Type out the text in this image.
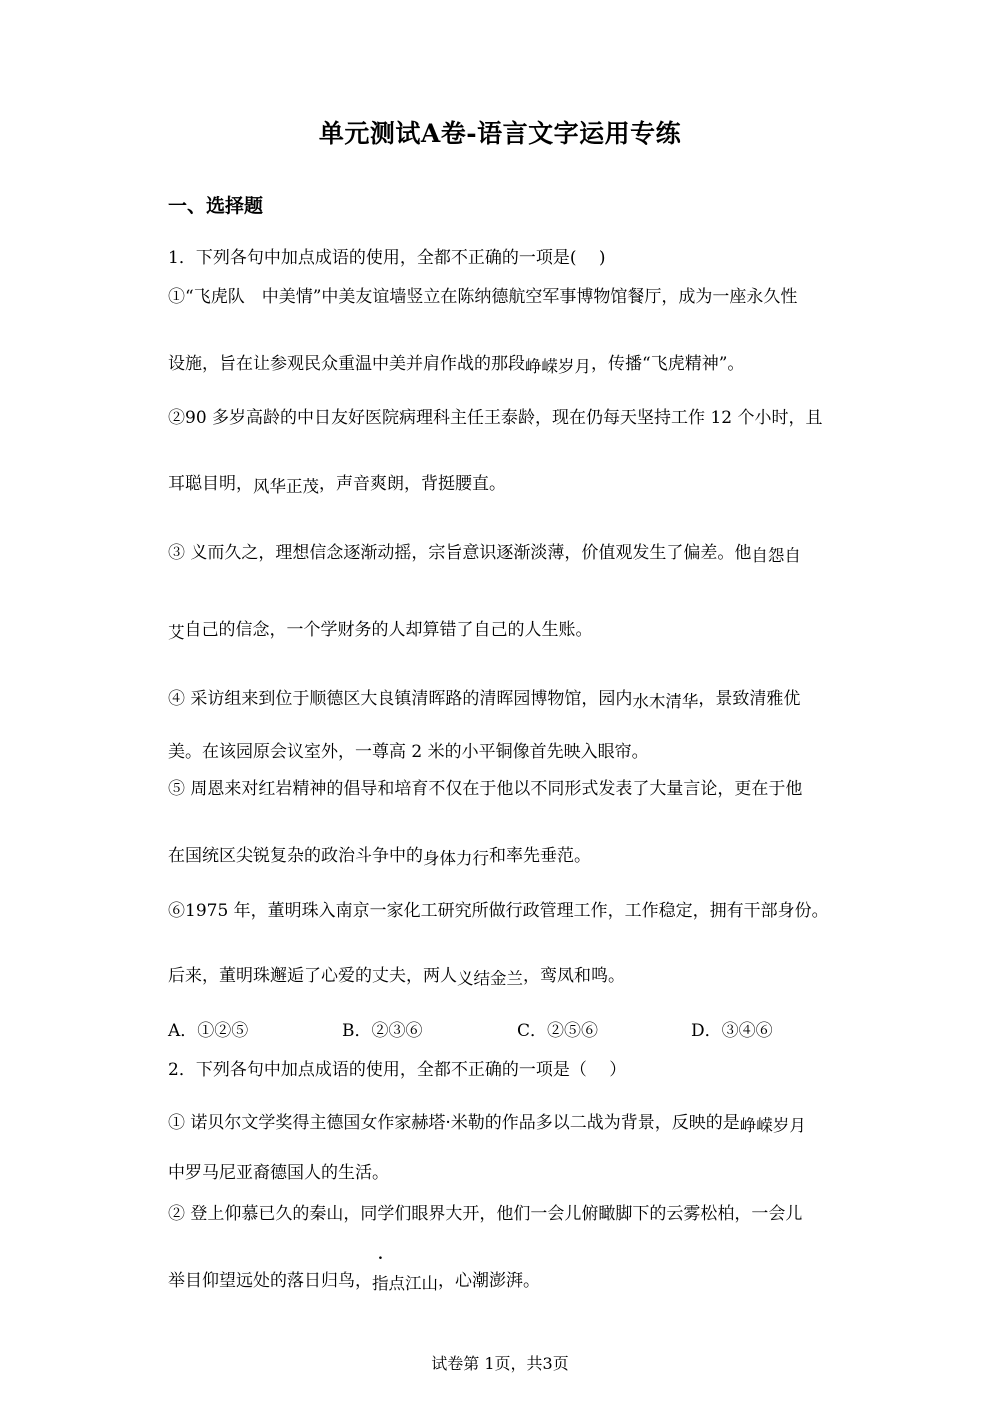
单元测试A卷-语言文字运用专练
一、选择题
1．下列各句中加点成语的使用，全都不正确的一项是(　 )
①“飞虎队　中美情”中美友谊墙竖立在陈纳德航空军事博物馆餐厅，成为一座永久性
设施，旨在让参观民众重温中美并肩作战的那段峥嵘岁月，传播“飞虎精神”。
②90 多岁高龄的中日友好医院病理科主任王泰龄，现在仍每天坚持工作 12 个小时，且
耳聪目明，风华正茂，声音爽朗，背挺腰直。
③ 义而久之，理想信念逐渐动摇，宗旨意识逐渐淡薄，价值观发生了偏差。他自怨自
艾自己的信念，一个学财务的人却算错了自己的人生账。
④ 采访组来到位于顺德区大良镇清晖路的清晖园博物馆，园内水木清华，景致清雅优
美。在该园原会议室外，一尊高 2 米的小平铜像首先映入眼帘。
⑤ 周恩来对红岩精神的倡导和培育不仅在于他以不同形式发表了大量言论，更在于他
在国统区尖锐复杂的政治斗争中的身体力行和率先垂范。
⑥1975 年，董明珠入南京一家化工研究所做行政管理工作，工作稳定，拥有干部身份。
后来，董明珠邂逅了心爱的丈夫，两人义结金兰，鸾凤和鸣。
A．①②⑤	B．②③⑥	C．②⑤⑥	D．③④⑥
2．下列各句中加点成语的使用，全都不正确的一项是（　 ）
① 诺贝尔文学奖得主德国女作家赫塔·米勒的作品多以二战为背景，反映的是峥嵘岁月
中罗马尼亚裔德国人的生活。
② 登上仰慕已久的秦山，同学们眼界大开，他们一会儿俯瞰脚下的云雾松柏，一会儿
.
举目仰望远处的落日归鸟，指点江山，心潮澎湃。
试卷第 1页，共3页
